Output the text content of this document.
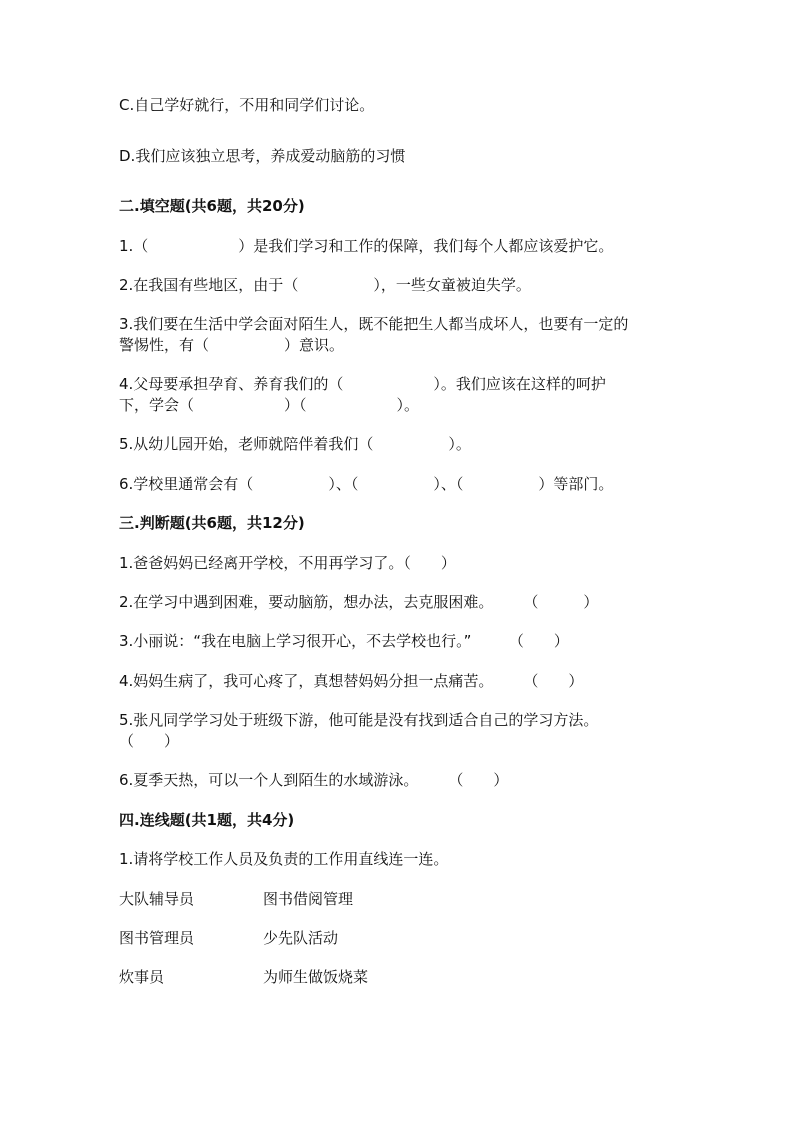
C.自己学好就行，不用和同学们讨论。
D.我们应该独立思考，养成爱动脑筋的习惯
二.填空题(共6题，共20分)
1.（　　　　　　）是我们学习和工作的保障，我们每个人都应该爱护它。
2.在我国有些地区，由于（　　　　　），一些女童被迫失学。
3.我们要在生活中学会面对陌生人，既不能把生人都当成坏人，也要有一定的
警惕性，有（　　　　　）意识。
4.父母要承担孕育、养育我们的（　　　　　　）。我们应该在这样的呵护
下，学会（　　　　　　）（　　　　　　）。
5.从幼儿园开始，老师就陪伴着我们（　　　　　）。
6.学校里通常会有（　　　　　）、（　　　　　）、（　　　　　）等部门。
三.判断题(共6题，共12分)
1.爸爸妈妈已经离开学校，不用再学习了。（　　）
2.在学习中遇到困难，要动脑筋，想办法，去克服困难。　　　（　　　）
3.小丽说：“我在电脑上学习很开心，不去学校也行。”　　　（　　）
4.妈妈生病了，我可心疼了，真想替妈妈分担一点痛苦。　　　（　　）
5.张凡同学学习处于班级下游，他可能是没有找到适合自己的学习方法。
（　　）
6.夏季天热，可以一个人到陌生的水域游泳。　　　（　　）
四.连线题(共1题，共4分)
1.请将学校工作人员及负责的工作用直线连一连。
大队辅导员	图书借阅管理
图书管理员	少先队活动
炊事员	为师生做饭烧菜
